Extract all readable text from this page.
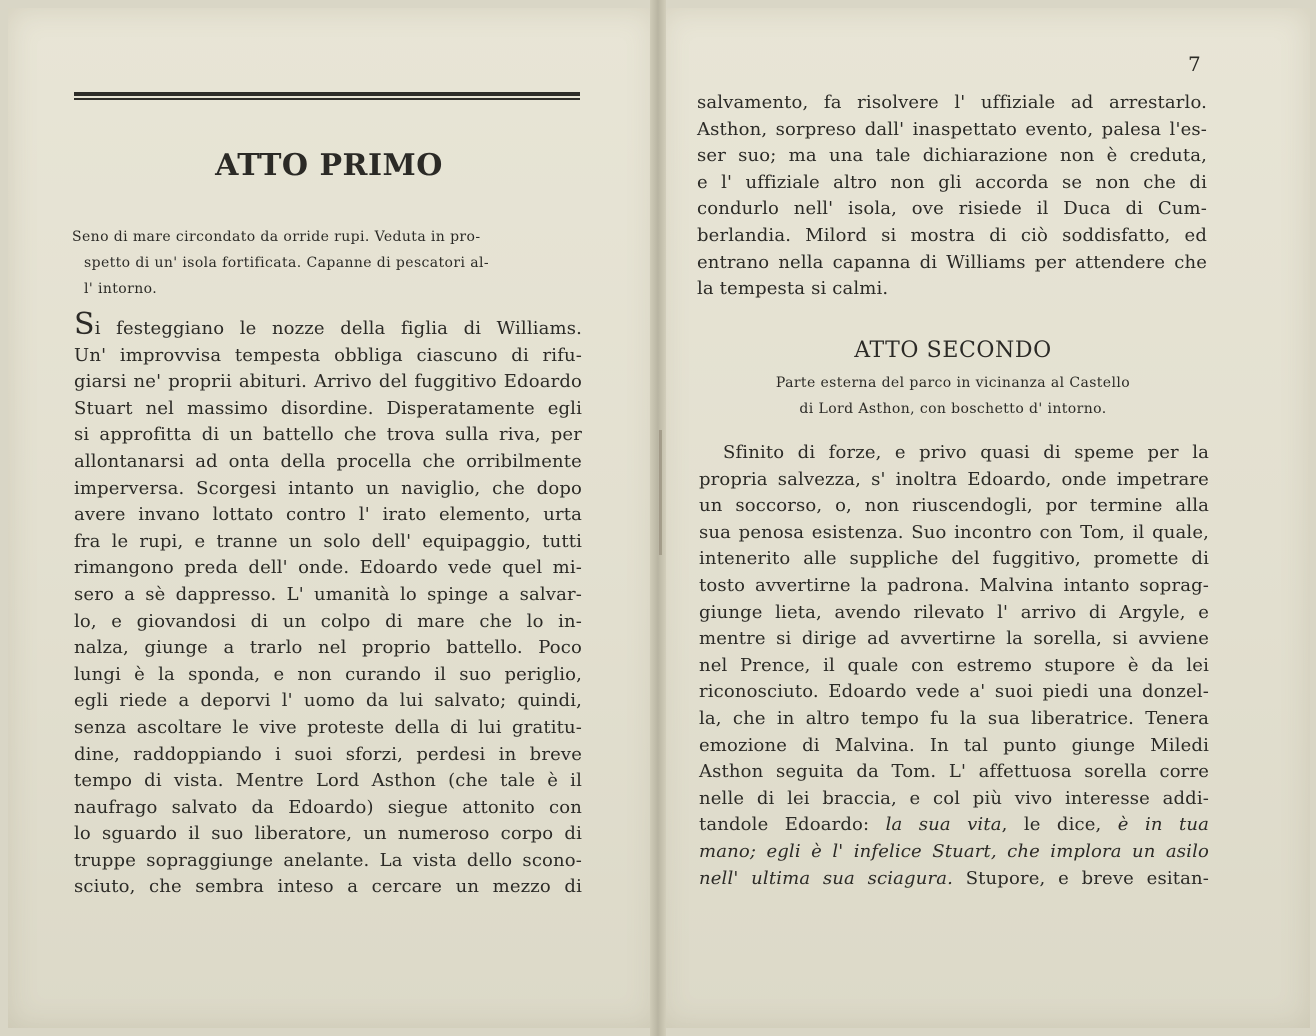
ATTO PRIMO
Seno di mare circondato da orride rupi. Veduta in pro-
spetto di un' isola fortificata. Capanne di pescatori al-
l' intorno.
Si festeggiano le nozze della figlia di Williams.
Un' improvvisa tempesta obbliga ciascuno di rifu-
giarsi ne' proprii abituri. Arrivo del fuggitivo Edoardo
Stuart nel massimo disordine. Disperatamente egli
si approfitta di un battello che trova sulla riva, per
allontanarsi ad onta della procella che orribilmente
imperversa. Scorgesi intanto un naviglio, che dopo
avere invano lottato contro l' irato elemento, urta
fra le rupi, e tranne un solo dell' equipaggio, tutti
rimangono preda dell' onde. Edoardo vede quel mi-
sero a sè dappresso. L' umanità lo spinge a salvar-
lo, e giovandosi di un colpo di mare che lo in-
nalza, giunge a trarlo nel proprio battello. Poco
lungi è la sponda, e non curando il suo periglio,
egli riede a deporvi l' uomo da lui salvato; quindi,
senza ascoltare le vive proteste della di lui gratitu-
dine, raddoppiando i suoi sforzi, perdesi in breve
tempo di vista. Mentre Lord Asthon (che tale è il
naufrago salvato da Edoardo) siegue attonito con
lo sguardo il suo liberatore, un numeroso corpo di
truppe sopraggiunge anelante. La vista dello scono-
sciuto, che sembra inteso a cercare un mezzo di
7
salvamento, fa risolvere l' uffiziale ad arrestarlo.
Asthon, sorpreso dall' inaspettato evento, palesa l'es-
ser suo; ma una tale dichiarazione non è creduta,
e l' uffiziale altro non gli accorda se non che di
condurlo nell' isola, ove risiede il Duca di Cum-
berlandia. Milord si mostra di ciò soddisfatto, ed
entrano nella capanna di Williams per attendere che
la tempesta si calmi.
ATTO SECONDO
Parte esterna del parco in vicinanza al Castello
di Lord Asthon, con boschetto d' intorno.
Sfinito di forze, e privo quasi di speme per la
propria salvezza, s' inoltra Edoardo, onde impetrare
un soccorso, o, non riuscendogli, por termine alla
sua penosa esistenza. Suo incontro con Tom, il quale,
intenerito alle suppliche del fuggitivo, promette di
tosto avvertirne la padrona. Malvina intanto soprag-
giunge lieta, avendo rilevato l' arrivo di Argyle, e
mentre si dirige ad avvertirne la sorella, si avviene
nel Prence, il quale con estremo stupore è da lei
riconosciuto. Edoardo vede a' suoi piedi una donzel-
la, che in altro tempo fu la sua liberatrice. Tenera
emozione di Malvina. In tal punto giunge Miledi
Asthon seguita da Tom. L' affettuosa sorella corre
nelle di lei braccia, e col più vivo interesse addi-
tandole Edoardo: la sua vita, le dice, è in tua
mano; egli è l' infelice Stuart, che implora un asilo
nell' ultima sua sciagura. Stupore, e breve esitan-
